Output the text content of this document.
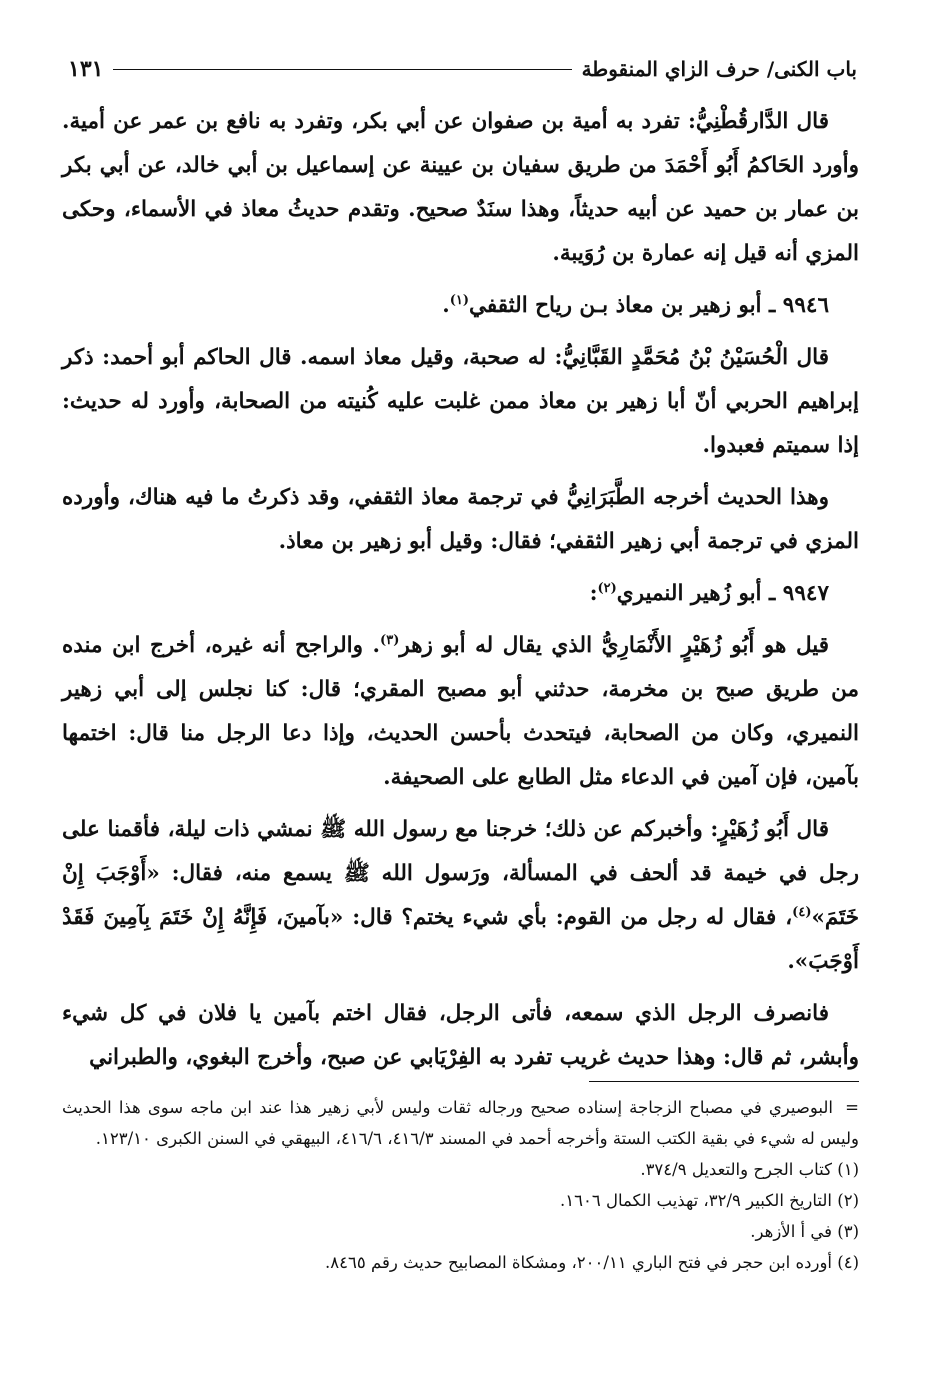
باب الكنى/ حرف الزاي المنقوطة
١٣١

قال الدَّارقُطْنِيُّ: تفرد به أمية بن صفوان عن أبي بكر، وتفرد به نافع بن عمر عن أمية. وأورد الحَاكمُ أَبُو أَحْمَدَ من طريق سفيان بن عيينة عن إسماعيل بن أبي خالد، عن أبي بكر بن عمار بن حميد عن أبيه حديثاً، وهذا سنَدٌ صحيح. وتقدم حديثُ معاذ في الأسماء، وحكى المزي أنه قيل إنه عمارة بن رُوَيبة.

٩٩٤٦ ـ أبو زهير بن معاذ بـن رياح الثقفي$^{(١)}$.

قال الْحُسَيْنُ بْنُ مُحَمَّدٍ القَبَّانِيُّ: له صحبة، وقيل معاذ اسمه. قال الحاكم أبو أحمد: ذكر إبراهيم الحربي أنّ أبا زهير بن معاذ ممن غلبت عليه كُنيته من الصحابة، وأورد له حديث: إذا سميتم فعبدوا.

وهذا الحديث أخرجه الطَّبَرَانِيُّ في ترجمة معاذ الثقفي، وقد ذكرتُ ما فيه هناك، وأورده المزي في ترجمة أبي زهير الثقفي؛ فقال: وقيل أبو زهير بن معاذ.

٩٩٤٧ ـ أبو زُهير النميري$^{(٢)}$:

قيل هو أَبُو زُهَيْرٍ الأَنْمَارِيُّ الذي يقال له أبو زهر$^{(٣)}$. والراجح أنه غيره، أخرج ابن منده من طريق صبح بن مخرمة، حدثني أبو مصبح المقري؛ قال: كنا نجلس إلى أبي زهير النميري، وكان من الصحابة، فيتحدث بأحسن الحديث، وإذا دعا الرجل منا قال: اختمها بآمين، فإن آمين في الدعاء مثل الطابع على الصحيفة.

قال أَبُو زُهَيْرٍ: وأخبركم عن ذلك؛ خرجنا مع رسول الله ﷺ نمشي ذات ليلة، فأقمنا على رجل في خيمة قد ألحف في المسألة، ورَسول الله ﷺ يسمع منه، فقال: «أَوْجَبَ إِنْ خَتَمَ»$^{(٤)}$، فقال له رجل من القوم: بأي شيء يختم؟ قال: «بآمينَ، فَإِنَّهُ إِنْ خَتَمَ بِآمِينَ فَقَدْ أَوْجَبَ».

فانصرف الرجل الذي سمعه، فأتى الرجل، فقال اختم بآمين يا فلان في كل شيء وأبشر، ثم قال: وهذا حديث غريب تفرد به الفِرْيَابي عن صبح، وأخرج البغوي، والطبراني

=البوصيري في مصباح الزجاجة إسناده صحيح ورجاله ثقات وليس لأبي زهير هذا عند ابن ماجه سوى هذا الحديث وليس له شيء في بقية الكتب الستة وأخرجه أحمد في المسند ٤١٦/٣، ٤١٦/٦، البيهقي في السنن الكبرى ١٢٣/١٠.

(١) كتاب الجرح والتعديل ٣٧٤/٩.

(٢) التاريخ الكبير ٣٢/٩، تهذيب الكمال ١٦٠٦.

(٣) في أ الأزهر.

(٤) أورده ابن حجر في فتح الباري ٢٠٠/١١، ومشكاة المصابيح حديث رقم ٨٤٦٥.
